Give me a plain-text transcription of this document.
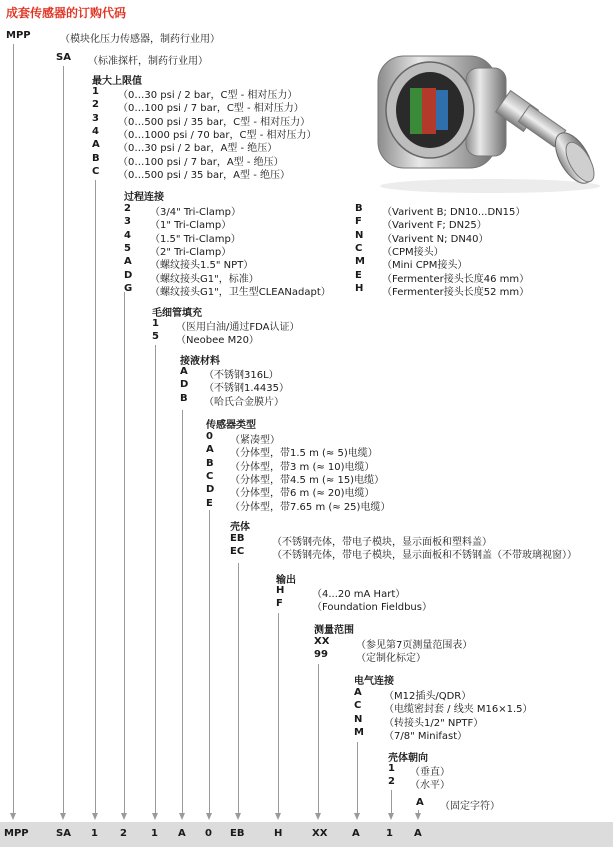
成套传感器的订购代码
MPP	（模块化压力传感器，制药行业用）
SA （标准探杆，制药行业用）
最大上限值
1 （0…30 psi / 2 bar，C型 - 相对压力）
2 （0…100 psi / 7 bar，C型 - 相对压力）
3 （0…500 psi / 35 bar，C型 - 相对压力）
4 （0…1000 psi / 70 bar，C型 - 相对压力）
A （0…30 psi / 2 bar，A型 - 绝压）
B （0…100 psi / 7 bar，A型 - 绝压）
C （0…500 psi / 35 bar，A型 - 绝压）
过程连接
2 （3/4" Tri-Clamp）
3 （1" Tri-Clamp）
4 （1.5" Tri-Clamp）
5 （2" Tri-Clamp）
A （螺纹接头1.5" NPT）
D （螺纹接头G1"，标准）
G （螺纹接头G1"，卫生型CLEANadapt）
B （Varivent B; DN10...DN15）
F （Varivent F; DN25）
N （Varivent N; DN40）
C （CPM接头）
M （Mini CPM接头）
E （Fermenter接头长度46 mm）
H （Fermenter接头长度52 mm）
毛细管填充
1 （医用白油/通过FDA认证）
5 （Neobee M20）
接液材料
A （不锈钢316L）
D （不锈钢1.4435）
B （哈氏合金膜片）
传感器类型
0 （紧凑型）
A （分体型，带1.5 m (≈ 5)电缆）
B （分体型，带3 m (≈ 10)电缆）
C （分体型，带4.5 m (≈ 15)电缆）
D （分体型，带6 m (≈ 20)电缆）
E （分体型，带7.65 m (≈ 25)电缆）
壳体
EB	（不锈钢壳体，带电子模块，显示面板和塑料盖）
EC	（不锈钢壳体，带电子模块，显示面板和不锈钢盖（不带玻璃视窗））
输出
H	（4...20 mA Hart）
F	（Foundation Fieldbus）
测量范围
XX	（参见第7页测量范围表）
99	（定制化标定）
电气连接
A （M12插头/QDR）
C （电缆密封套 / 线夹 M16×1.5）
N （转接头1/2" NPTF）
M （7/8" Minifast）
壳体朝向
1 （垂直）
2 （水平）
A （固定字符）
MPP	SA 1 2 1 A 0 EB	H	XX A	1 A
